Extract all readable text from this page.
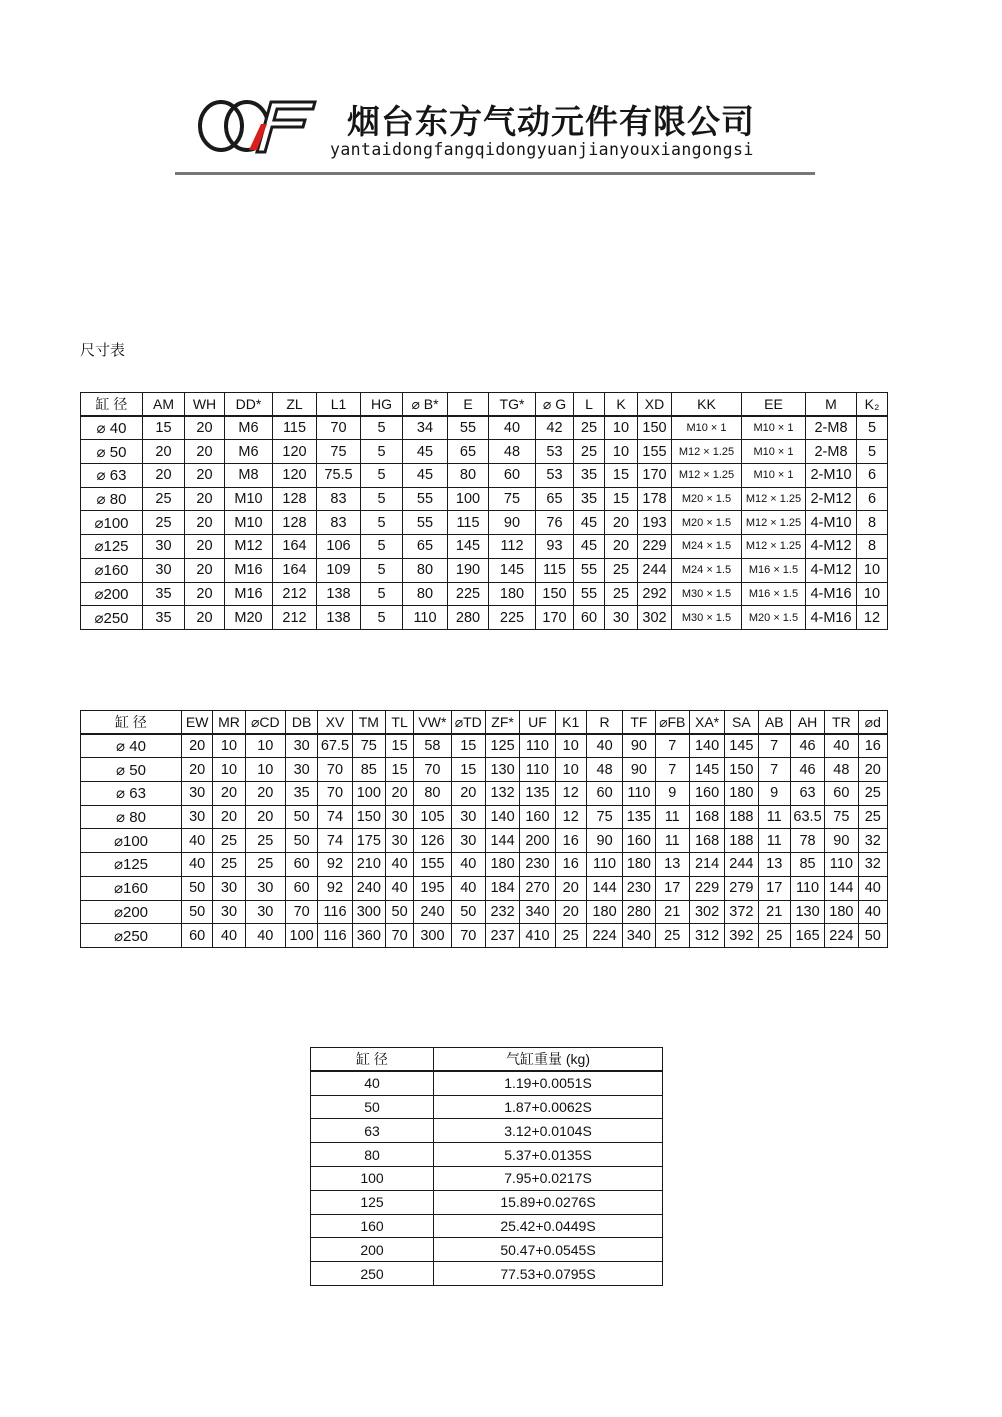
烟台东方气动元件有限公司
yantaidongfangqidongyuanjianyouxiangongsi
尺寸表
缸 径	AM	WH	DD*	ZL	L1	HG	⌀ B*	E	TG*	⌀ G	L	K	XD	KK	EE	M	K₂
⌀ 40	15	20	M6	115	70	5	34	55	40	42	25	10	150	M10 × 1	M10 × 1	2-M8	5
⌀ 50	20	20	M6	120	75	5	45	65	48	53	25	10	155	M12 × 1.25	M10 × 1	2-M8	5
⌀ 63	20	20	M8	120	75.5	5	45	80	60	53	35	15	170	M12 × 1.25	M10 × 1	2-M10	6
⌀ 80	25	20	M10	128	83	5	55	100	75	65	35	15	178	M20 × 1.5	M12 × 1.25	2-M12	6
⌀100	25	20	M10	128	83	5	55	115	90	76	45	20	193	M20 × 1.5	M12 × 1.25	4-M10	8
⌀125	30	20	M12	164	106	5	65	145	112	93	45	20	229	M24 × 1.5	M12 × 1.25	4-M12	8
⌀160	30	20	M16	164	109	5	80	190	145	115	55	25	244	M24 × 1.5	M16 × 1.5	4-M12	10
⌀200	35	20	M16	212	138	5	80	225	180	150	55	25	292	M30 × 1.5	M16 × 1.5	4-M16	10
⌀250	35	20	M20	212	138	5	110	280	225	170	60	30	302	M30 × 1.5	M20 × 1.5	4-M16	12
缸 径	EW	MR	⌀CD	DB	XV	TM	TL	VW*	⌀TD	ZF*	UF	K1	R	TF	⌀FB	XA*	SA	AB	AH	TR	⌀d
⌀ 40	20	10	10	30	67.5	75	15	58	15	125	110	10	40	90	7	140	145	7	46	40	16
⌀ 50	20	10	10	30	70	85	15	70	15	130	110	10	48	90	7	145	150	7	46	48	20
⌀ 63	30	20	20	35	70	100	20	80	20	132	135	12	60	110	9	160	180	9	63	60	25
⌀ 80	30	20	20	50	74	150	30	105	30	140	160	12	75	135	11	168	188	11	63.5	75	25
⌀100	40	25	25	50	74	175	30	126	30	144	200	16	90	160	11	168	188	11	78	90	32
⌀125	40	25	25	60	92	210	40	155	40	180	230	16	110	180	13	214	244	13	85	110	32
⌀160	50	30	30	60	92	240	40	195	40	184	270	20	144	230	17	229	279	17	110	144	40
⌀200	50	30	30	70	116	300	50	240	50	232	340	20	180	280	21	302	372	21	130	180	40
⌀250	60	40	40	100	116	360	70	300	70	237	410	25	224	340	25	312	392	25	165	224	50
缸 径	气缸重量 (kg)
40	1.19+0.0051S
50	1.87+0.0062S
63	3.12+0.0104S
80	5.37+0.0135S
100	7.95+0.0217S
125	15.89+0.0276S
160	25.42+0.0449S
200	50.47+0.0545S
250	77.53+0.0795S
